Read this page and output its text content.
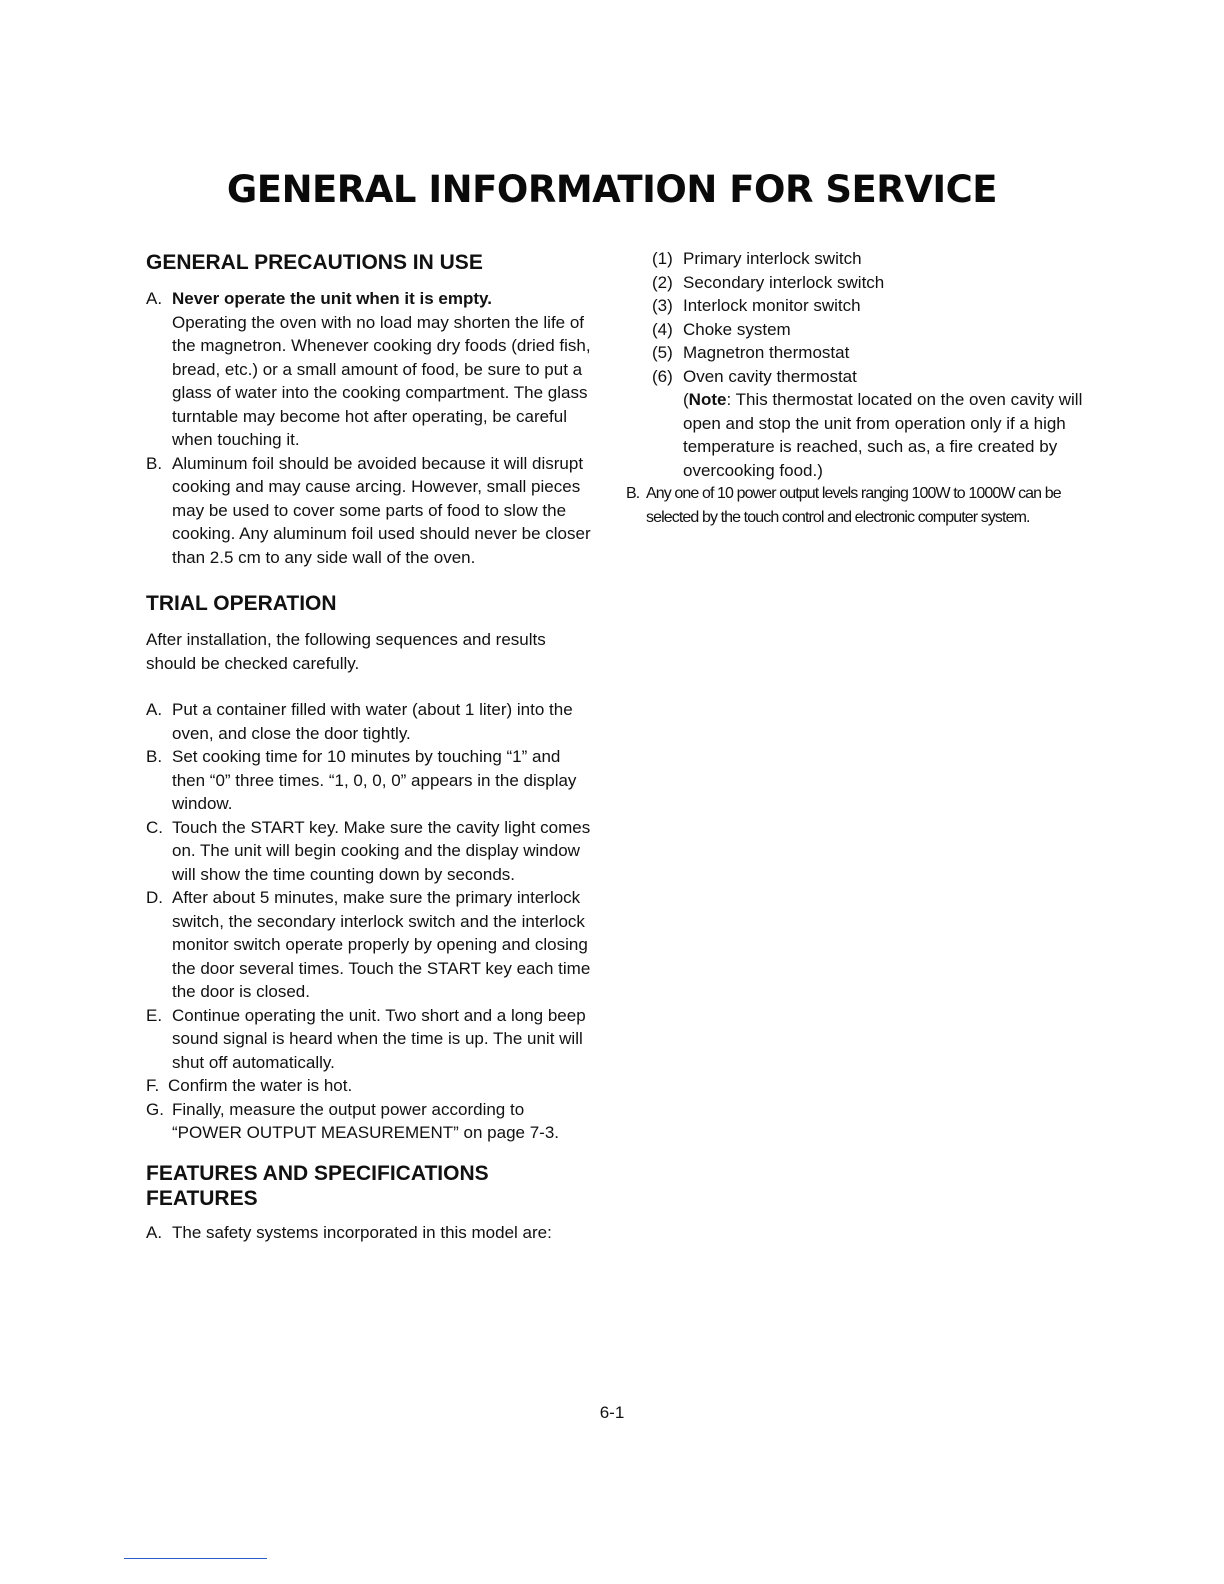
GENERAL INFORMATION FOR SERVICE
GENERAL PRECAUTIONS IN USE
A. Never operate the unit when it is empty.
Operating the oven with no load may shorten the life of the magnetron. Whenever cooking dry foods (dried fish, bread, etc.) or a small amount of food, be sure to put a glass of water into the cooking compartment. The glass turntable may become hot after operating, be careful when touching it.
B. Aluminum foil should be avoided because it will disrupt cooking and may cause arcing. However, small pieces may be used to cover some parts of food to slow the cooking. Any aluminum foil used should never be closer than 2.5 cm to any side wall of the oven.
TRIAL OPERATION

After installation, the following sequences and results should be checked carefully.

A. Put a container filled with water (about 1 liter) into the oven, and close the door tightly.
B. Set cooking time for 10 minutes by touching “1” and then “0” three times. “1, 0, 0, 0” appears in the display window.
C. Touch the START key. Make sure the cavity light comes on. The unit will begin cooking and the display window will show the time counting down by seconds.
D. After about 5 minutes, make sure the primary interlock switch, the secondary interlock switch and the interlock monitor switch operate properly by opening and closing the door several times. Touch the START key each time the door is closed.
E. Continue operating the unit. Two short and a long beep sound signal is heard when the time is up. The unit will shut off automatically.
F. Confirm the water is hot.
G. Finally, measure the output power according to “POWER OUTPUT MEASUREMENT” on page 7-3.
FEATURES AND SPECIFICATIONS
FEATURES
A. The safety systems incorporated in this model are:
(1) Primary interlock switch
(2) Secondary interlock switch
(3) Interlock monitor switch
(4) Choke system
(5) Magnetron thermostat
(6) Oven cavity thermostat
(Note: This thermostat located on the oven cavity will open and stop the unit from operation only if a high temperature is reached, such as, a fire created by overcooking food.)
B. Any one of 10 power output levels ranging 100W to 1000W can be selected by the touch control and electronic computer system.
6-1
